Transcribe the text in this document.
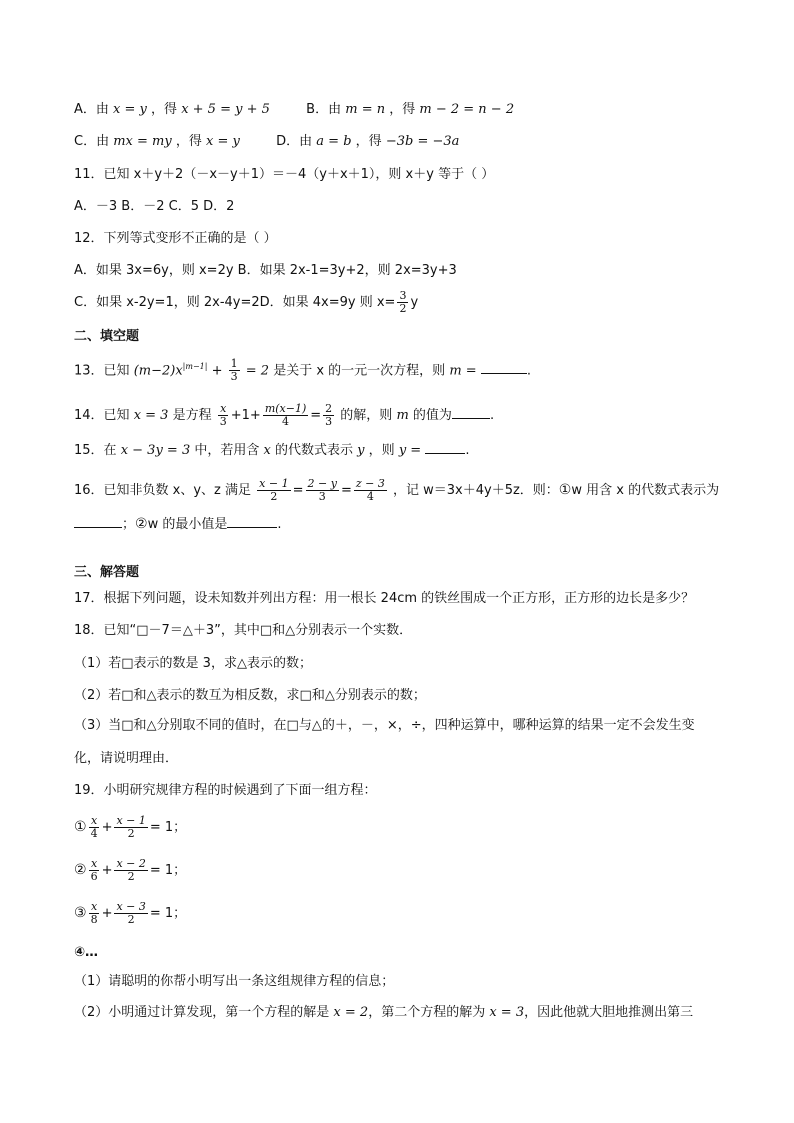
A．由 x = y ，得 x + 5 = y + 5	B．由 m = n ，得 m − 2 = n − 2
C．由 mx = my ，得 x = y	D．由 a = b ，得 −3b = −3a
11．已知 x＋y＋2（－x－y＋1）＝－4（y＋x＋1），则 x＋y 等于（ ）
A．－3 B．－2 C．5 D．2
12．下列等式变形不正确的是（ ）
A．如果 3x=6y，则 x=2y B．如果 2x-1=3y+2，则 2x=3y+3
C．如果 x-2y=1，则 2x-4y=2D．如果 4x=9y 则 $x= \frac{3}{2}$ y
二、填空题
13．已知 $(m-2)x^{|m-1|} + \frac{1}{3} = 2$ 是关于 x 的一元一次方程，则 m =	.
14．已知 x = 3 是方程 $\frac{x}{3} +1+ \frac{m(x-1)}{4} = \frac{2}{3}$ 的解，则 m 的值为	.
15．在 x − 3y = 3 中，若用含 x 的代数式表示 y ，则 y =	.
16．已知非负数 x、y、z 满足 $\frac{x - 1}{2} = \frac{2 - y}{3} = \frac{z - 3}{4}$ ，记 w＝3x＋4y＋5z．则：①w 用含 x 的代数式表示为
；②w 的最小值是	.
三、解答题
17．根据下列问题，设未知数并列出方程：用一根长 24cm 的铁丝围成一个正方形，正方形的边长是多少？
18．已知“□－7＝△＋3”，其中□和△分别表示一个实数．
（1）若□表示的数是 3，求△表示的数；
（2）若□和△表示的数互为相反数，求□和△分别表示的数；
（3）当□和△分别取不同的值时，在□与△的＋，－，×，÷，四种运算中，哪种运算的结果一定不会发生变
化，请说明理由．
19．小明研究规律方程的时候遇到了下面一组方程：
① $\frac{x}{4} + \frac{x - 1}{2} = 1$；
② $\frac{x}{6} + \frac{x - 2}{2} = 1$；
③ $\frac{x}{8} + \frac{x - 3}{2} = 1$；
④…
（1）请聪明的你帮小明写出一条这组规律方程的信息；
（2）小明通过计算发现，第一个方程的解是 x = 2，第二个方程的解为 x = 3，因此他就大胆地推测出第三
